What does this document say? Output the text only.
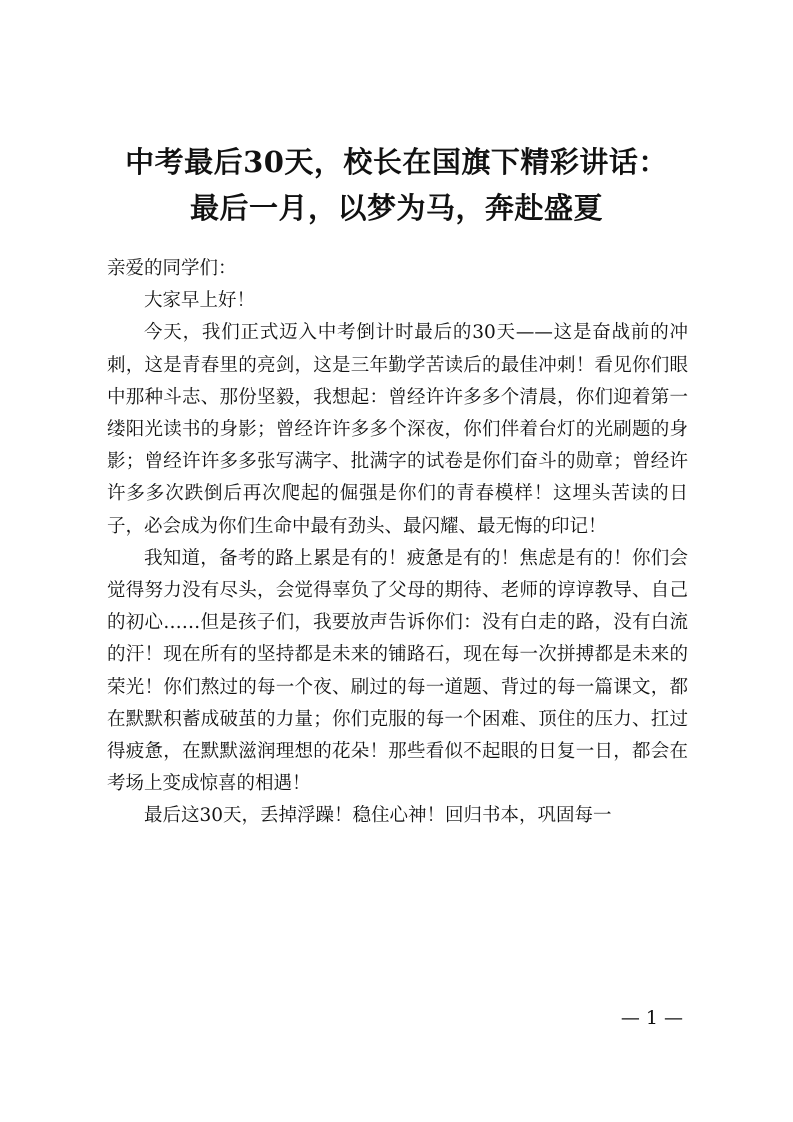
中考最后30天，校长在国旗下精彩讲话：
最后一月，以梦为马，奔赴盛夏

亲爱的同学们：

大家早上好！

今天，我们正式迈入中考倒计时最后的30天——这是奋战前的冲刺，这是青春里的亮剑，这是三年勤学苦读后的最佳冲刺！看见你们眼中那种斗志、那份坚毅，我想起：曾经许许多多个清晨，你们迎着第一缕阳光读书的身影；曾经许许多多个深夜，你们伴着台灯的光刷题的身影；曾经许许多多张写满字、批满字的试卷是你们奋斗的勋章；曾经许许多多次跌倒后再次爬起的倔强是你们的青春模样！这埋头苦读的日子，必会成为你们生命中最有劲头、最闪耀、最无悔的印记！

我知道，备考的路上累是有的！疲惫是有的！焦虑是有的！你们会觉得努力没有尽头，会觉得辜负了父母的期待、老师的谆谆教导、自己的初心……但是孩子们，我要放声告诉你们：没有白走的路，没有白流的汗！现在所有的坚持都是未来的铺路石，现在每一次拼搏都是未来的荣光！你们熬过的每一个夜、刷过的每一道题、背过的每一篇课文，都在默默积蓄成破茧的力量；你们克服的每一个困难、顶住的压力、扛过得疲惫，在默默滋润理想的花朵！那些看似不起眼的日复一日，都会在考场上变成惊喜的相遇！

最后这30天，丢掉浮躁！稳住心神！回归书本，巩固每一

— 1 —
